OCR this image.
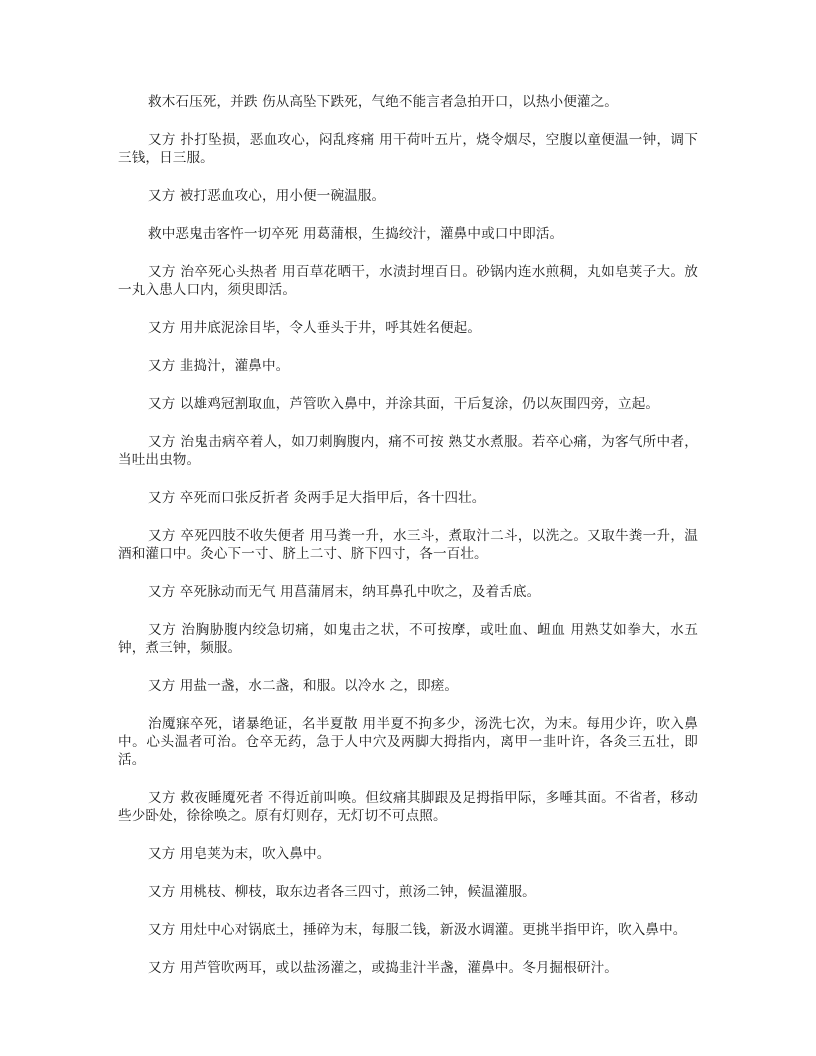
救木石压死，并跌 伤从高坠下跌死，气绝不能言者急拍开口，以热小便灌之。

又方 扑打坠损，恶血攻心，闷乱疼痛 用干荷叶五片，烧令烟尽，空腹以童便温一钟，调下三钱，日三服。

又方 被打恶血攻心，用小便一碗温服。

救中恶鬼击客忤一切卒死 用葛蒲根，生捣绞汁，灌鼻中或口中即活。

又方 治卒死心头热者 用百草花晒干，水渍封埋百日。砂锅内连水煎稠，丸如皂荚子大。放一丸入患人口内，须臾即活。

又方 用井底泥涂目毕，令人垂头于井，呼其姓名便起。

又方 韭捣汁，灌鼻中。

又方 以雄鸡冠割取血，芦管吹入鼻中，并涂其面，干后复涂，仍以灰围四旁，立起。

又方 治鬼击病卒着人，如刀刺胸腹内，痛不可按 熟艾水煮服。若卒心痛，为客气所中者，当吐出虫物。

又方 卒死而口张反折者 灸两手足大指甲后，各十四壮。

又方 卒死四肢不收失便者 用马粪一升，水三斗，煮取汁二斗，以洗之。又取牛粪一升，温酒和灌口中。灸心下一寸、脐上二寸、脐下四寸，各一百壮。

又方 卒死脉动而无气 用菖蒲屑末，纳耳鼻孔中吹之，及着舌底。

又方 治胸胁腹内绞急切痛，如鬼击之状，不可按摩，或吐血、衄血 用熟艾如拳大，水五钟，煮三钟，频服。

又方 用盐一盏，水二盏，和服。以冷水 之，即瘥。

治魇寐卒死，诸暴绝证，名半夏散 用半夏不拘多少，汤洗七次，为末。每用少许，吹入鼻中。心头温者可治。仓卒无药，急于人中穴及两脚大拇指内，离甲一韭叶许，各灸三五壮，即活。

又方 救夜睡魇死者 不得近前叫唤。但纹痛其脚跟及足拇指甲际，多唾其面。不省者，移动些少卧处，徐徐唤之。原有灯则存，无灯切不可点照。

又方 用皂荚为末，吹入鼻中。

又方 用桃枝、柳枝，取东边者各三四寸，煎汤二钟，候温灌服。

又方 用灶中心对锅底土，捶碎为末，每服二钱，新汲水调灌。更挑半指甲许，吹入鼻中。

又方 用芦管吹两耳，或以盐汤灌之，或捣韭汁半盏，灌鼻中。冬月掘根研汁。
